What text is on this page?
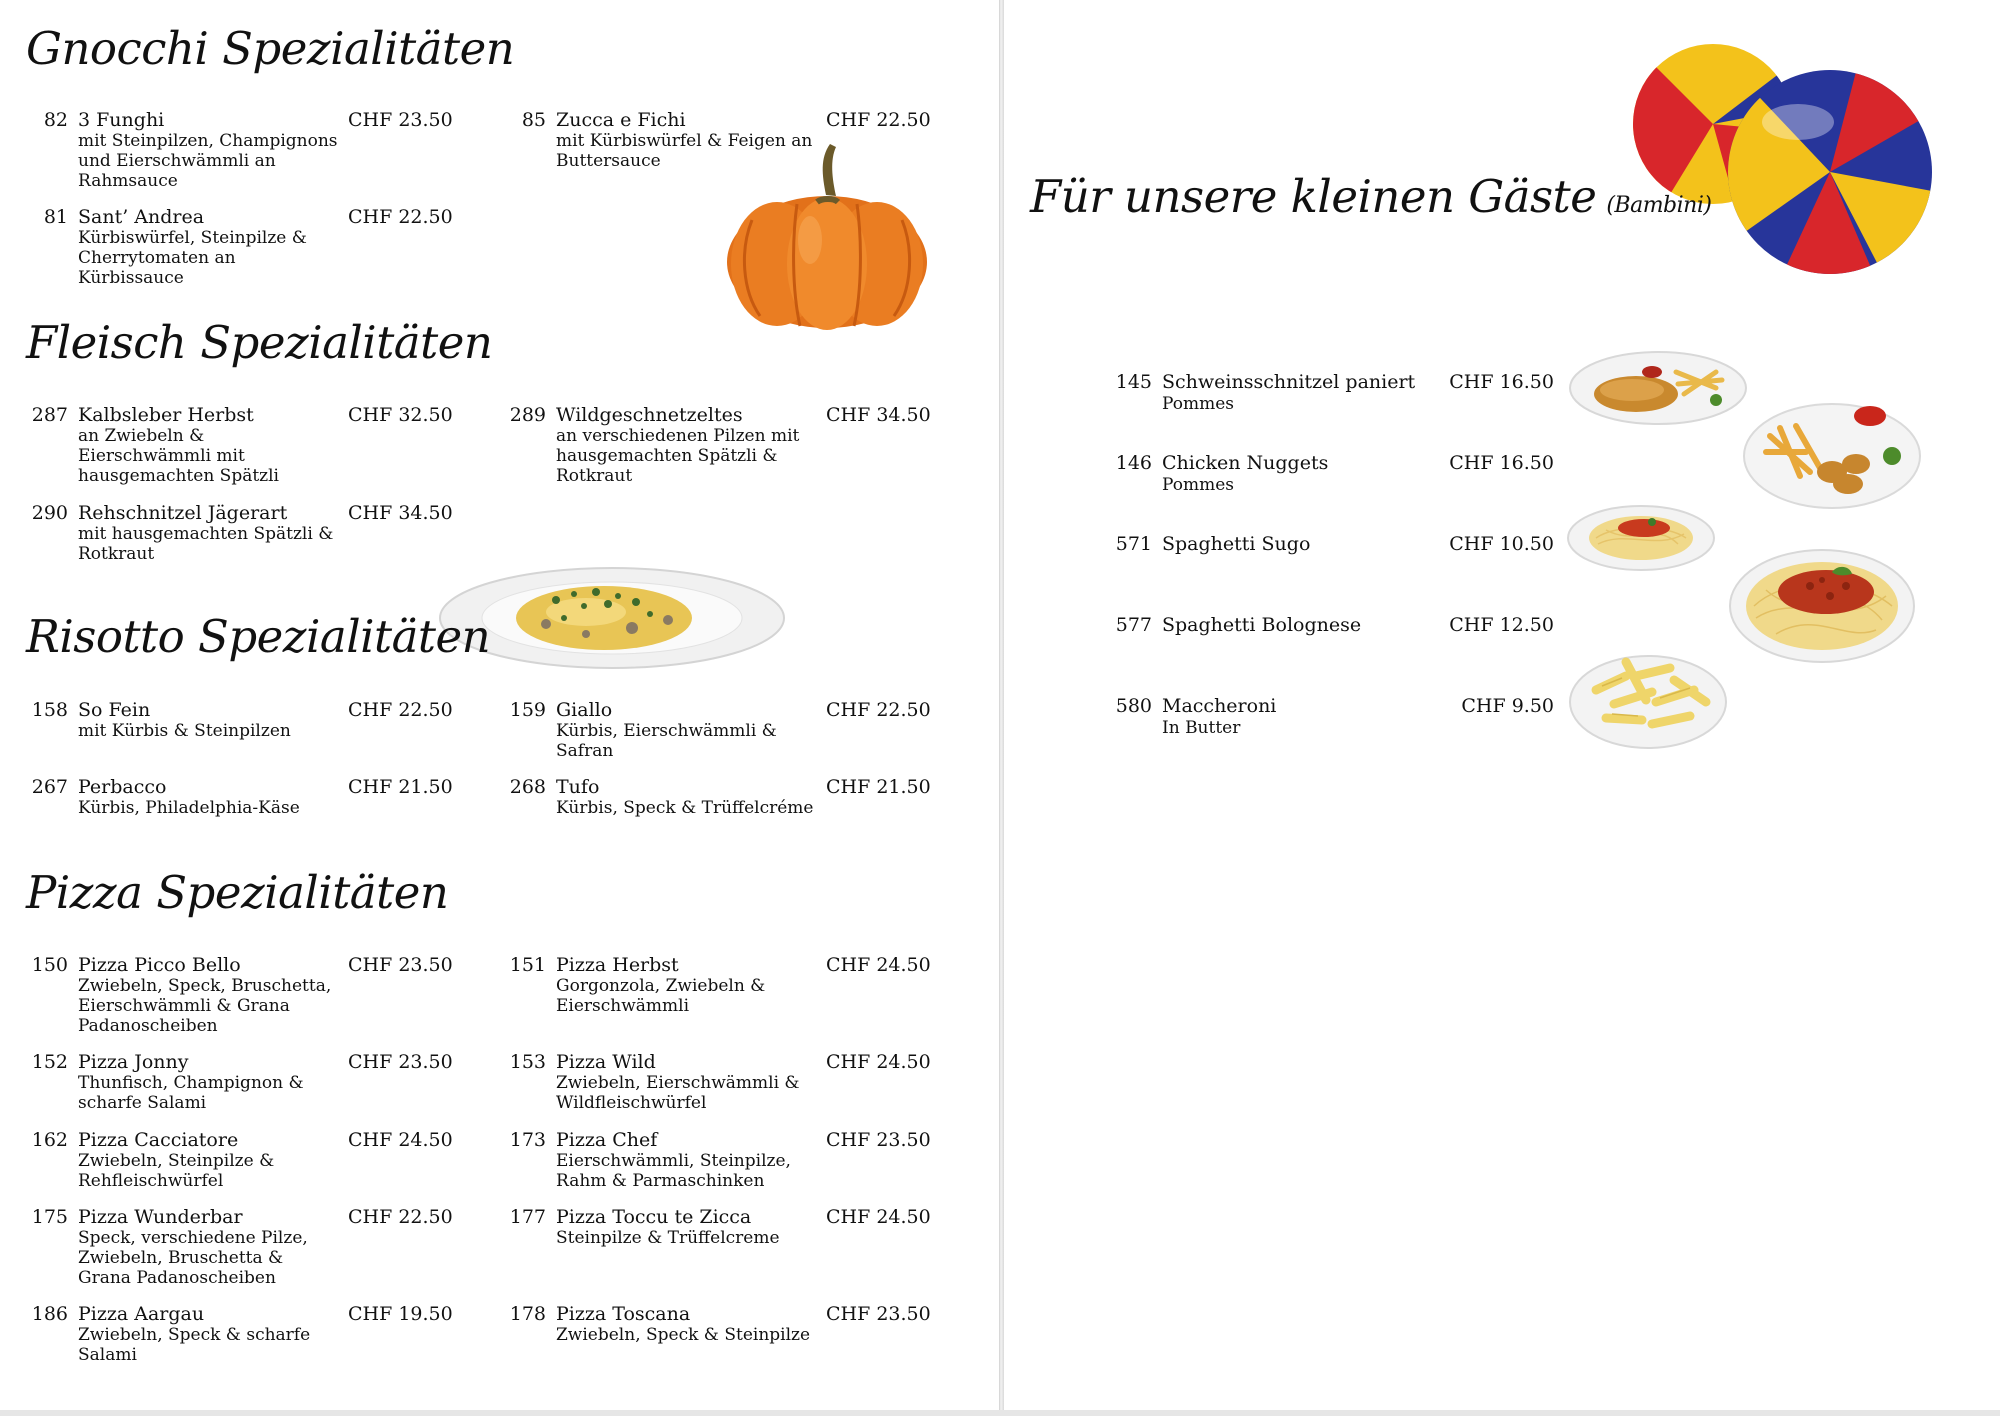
Gnocchi Spezialitäten
82 3 Funghi
mit Steinpilzen, Champignons und Eierschwämmli an Rahmsauce
CHF 23.50
81 Sant’ Andrea
Kürbiswürfel, Steinpilze & Cherrytomaten an Kürbissauce
CHF 22.50
85 Zucca e Fichi
mit Kürbiswürfel & Feigen an Buttersauce
CHF 22.50
Fleisch Spezialitäten
287 Kalbsleber Herbst
an Zwiebeln & Eierschwämmli mit hausgemachten Spätzli
CHF 32.50
290 Rehschnitzel Jägerart
mit hausgemachten Spätzli & Rotkraut
CHF 34.50
289 Wildgeschnetzeltes
an verschiedenen Pilzen mit hausgemachten Spätzli & Rotkraut
CHF 34.50
Risotto Spezialitäten
158 So Fein
mit Kürbis & Steinpilzen
CHF 22.50
267 Perbacco
Kürbis, Philadelphia-Käse
CHF 21.50
159 Giallo
Kürbis, Eierschwämmli & Safran
CHF 22.50
268 Tufo
Kürbis, Speck & Trüffelcréme
CHF 21.50
Pizza Spezialitäten
150 Pizza Picco Bello
Zwiebeln, Speck, Bruschetta, Eierschwämmli & Grana Padanoscheiben
CHF 23.50
152 Pizza Jonny
Thunfisch, Champignon & scharfe Salami
CHF 23.50
162 Pizza Cacciatore
Zwiebeln, Steinpilze & Rehfleischwürfel
CHF 24.50
175 Pizza Wunderbar
Speck, verschiedene Pilze, Zwiebeln, Bruschetta & Grana Padanoscheiben
CHF 22.50
186 Pizza Aargau
Zwiebeln, Speck & scharfe Salami
CHF 19.50
151 Pizza Herbst
Gorgonzola, Zwiebeln & Eierschwämmli
CHF 24.50
153 Pizza Wild
Zwiebeln, Eierschwämmli & Wildfleischwürfel
CHF 24.50
173 Pizza Chef
Eierschwämmli, Steinpilze, Rahm & Parmaschinken
CHF 23.50
177 Pizza Toccu te Zicca
Steinpilze & Trüffelcreme
CHF 24.50
178 Pizza Toscana
Zwiebeln, Speck & Steinpilze
CHF 23.50
Für unsere kleinen Gäste (Bambini)
145 Schweinsschnitzel paniert
Pommes
CHF 16.50
146 Chicken Nuggets
Pommes
CHF 16.50
571 Spaghetti Sugo	CHF 10.50
577 Spaghetti Bolognese	CHF 12.50
580 Maccheroni
In Butter
CHF 9.50
